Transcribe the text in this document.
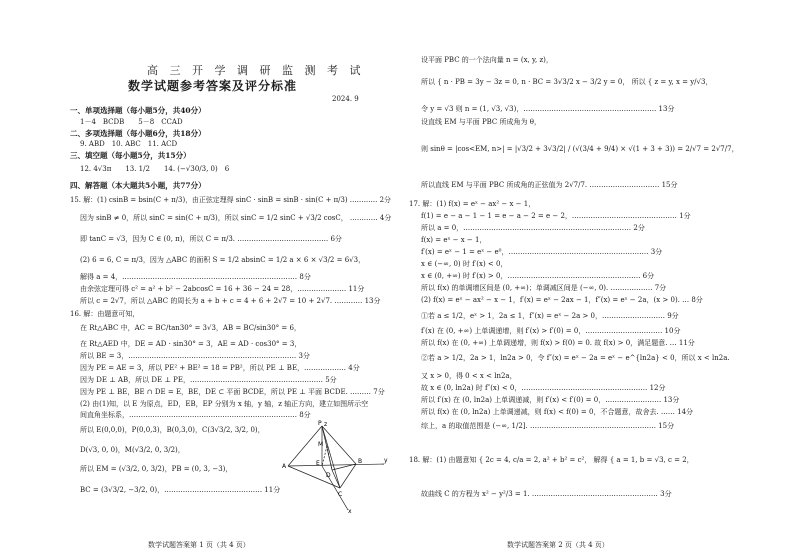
高 三 开 学 调 研 监 测 考 试
数学试题参考答案及评分标准
2024. 9
一、单项选择题（每小题5分，共40分）
1－4　BCDB　　5－8　CCAD
二、多项选择题（每小题6分，共18分）
9. ABD　10. ABC　11. ACD
三、填空题（每小题5分，共15分）
12. 4√3π　　13. 1/2　　14. (−√30/3, 0)　6
四、解答题（本大题共5小题，共77分）
15. 解：(1) csinB = bsin(C + π/3)，由正弦定理得 sinC · sinB = sinB · sin(C + π/3) ………… 2分
因为 sinB ≠ 0，所以 sinC = sin(C + π/3)，所以 sinC = 1/2 sinC + √3/2 cosC， ………… 4分
即 tanC = √3，因为 C ∈ (0, π)，所以 C = π/3. ………………………………… 6分
(2) 6 = 6, C = π/3，因为 △ABC 的面积 S = 1/2 absinC = 1/2 a × 6 × √3/2 = 6√3，
解得 a = 4，………………………………………………………………… 8分
由余弦定理可得 c² = a² + b² − 2abcosC = 16 + 36 − 24 = 28，………………… 11分
所以 c = 2√7，所以 △ABC 的周长为 a + b + c = 4 + 6 + 2√7 = 10 + 2√7. ………… 13分
16. 解：由题意可知，
在 Rt△ABC 中，AC = BC/tan30° = 3√3，AB = BC/sin30° = 6，
在 Rt△AED 中，DE = AD · sin30° = 3，AE = AD · cos30° = 3，
所以 BE = 3，……………………………………………………………… 3分
因为 PE = AE = 3，所以 PE² + BE² = 18 = PB²，所以 PE ⊥ BE，……………… 4分
因为 DE ⊥ AB，所以 DE ⊥ PE，………………………………………………… 5分
因为 PE ⊥ BE，BE ∩ DE = E，BE，DE ⊂ 平面 BCDE，所以 PE ⊥ 平面 BCDE. ……… 7分
(2) 由(1)知，以 E 为原点，ED，EB，EP 分别为 x 轴，y 轴，z 轴正方向，建立如图所示空
间直角坐标系，……………………………………………………………… 8分
所以 E(0,0,0)，P(0,0,3)，B(0,3,0)，C(3√3/2, 3/2, 0)，
D(√3, 0, 0)，M(√3/2, 0, 3/2)，
所以 EM = (√3/2, 0, 3/2)，PB = (0, 3, −3)，
BC = (3√3/2, −3/2, 0)，…………………………………… 11分
P
M
A	E
D
B
C
x
y
z
数学试题答案第 1 页（共 4 页）
设平面 PBC 的一个法向量 n = (x, y, z)，
所以 { n · PB = 3y − 3z = 0, n · BC = 3√3/2 x − 3/2 y = 0， 所以 { z = y, x = y/√3，
令 y = √3 则 n = (1, √3, √3)，………………………………………………… 13分
设直线 EM 与平面 PBC 所成角为 θ，
则 sinθ = |cos<EM, n>| = |√3/2 + 3√3/2| / (√(3/4 + 9/4) × √(1 + 3 + 3)) = 2/√7 = 2√7/7，
所以直线 EM 与平面 PBC 所成角的正弦值为 2√7/7. ………………………… 15分
17. 解：(1) f(x) = eˣ − ax² − x − 1，
f(1) = e − a − 1 − 1 = e − a − 2 = e − 2，……………………………………… 1分
所以 a = 0，……………………………………………………………… 2分
f(x) = eˣ − x − 1，
f′(x) = eˣ − 1 = eˣ − e⁰，…………………………………………………… 3分
x ∈ (−∞, 0) 时 f′(x) < 0，
x ∈ (0, +∞) 时 f′(x) > 0，………………………………………………… 6分
所以 f(x) 的单调增区间是 (0, +∞)；单调减区间是 (−∞, 0). ……………… 7分
(2) f(x) = eˣ − ax² − x − 1，f′(x) = eˣ − 2ax − 1，f″(x) = eˣ − 2a，(x > 0). … 8分
①若 a ≤ 1/2，eˣ > 1，2a ≤ 1，f″(x) = eˣ − 2a > 0，……………………… 9分
f′(x) 在 (0, +∞) 上单调递增，则 f′(x) > f′(0) = 0，…………………………… 10分
所以 f(x) 在 (0, +∞) 上单调递增，则 f(x) > f(0) = 0. 故 f(x) > 0，满足题意. … 11分
②若 a > 1/2，2a > 1，ln2a > 0，令 f″(x) = eˣ − 2a = eˣ − e^{ln2a} < 0，所以 x < ln2a.
又 x > 0，得 0 < x < ln2a，
故 x ∈ (0, ln2a) 时 f″(x) < 0，……………………………………………… 12分
所以 f′(x) 在 (0, ln2a) 上单调递减，则 f′(x) < f′(0) = 0，…………………… 13分
所以 f(x) 在 (0, ln2a) 上单调递减，则 f(x) < f(0) = 0，不合题意，故舍去. …… 14分
综上，a 的取值范围是 (−∞, 1/2]. ……………………………………………… 15分
18. 解：(1) 由题意知 { 2c = 4, c/a = 2, a² + b² = c²， 解得 { a = 1, b = √3, c = 2，
故曲线 C 的方程为 x² − y²/3 = 1. ……………………………………………… 3分
数学试题答案第 2 页（共 4 页）
